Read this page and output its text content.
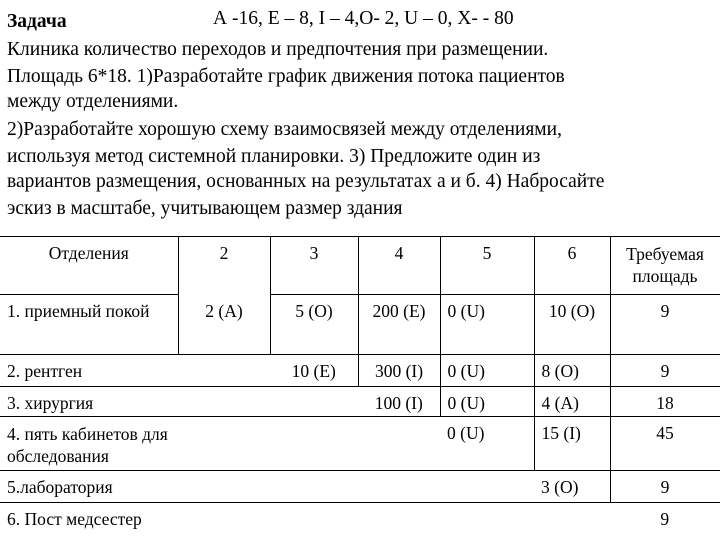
Задача	А -16, Е – 8, I – 4,О- 2, U – 0, Х- - 80
Клиника количество переходов и предпочтения при размещении.
Площадь 6*18. 1)Разработайте график движения потока пациентов
между отделениями.
2)Разработайте хорошую схему взаимосвязей между отделениями,
используя метод системной планировки. 3) Предложите один из
вариантов размещения, основанных на результатах а и б. 4) Набросайте
эскиз в масштабе, учитывающем размер здания
Отделения	2	3	4	5	6	Требуемая площадь
1. приемный покой	2 (А)	5 (О)	200 (Е)	0 (U)	10 (О)	9
2. рентген		10 (Е)	300 (I)	0 (U)	8 (О)	9
3. хирургия			100 (I)	0 (U)	4 (А)	18
4. пять кабинетов для обследования				0 (U)	15 (I)	45
5.лаборатория					3 (О)	9
6. Пост медсестер						9
